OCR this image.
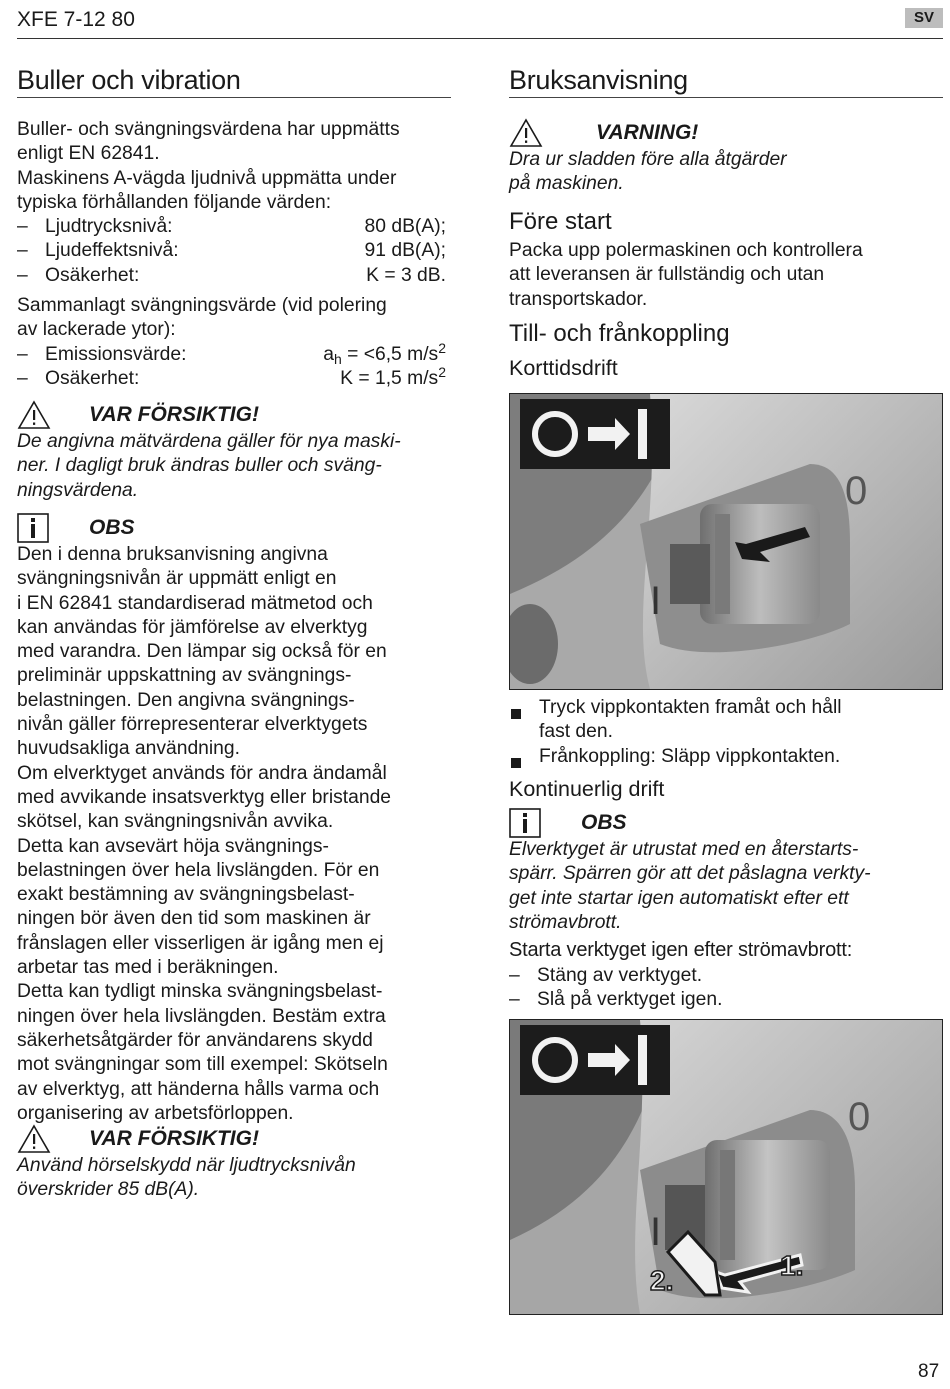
XFE 7-12 80	SV
Buller och vibration
Buller- och svängningsvärdena har uppmätts
enligt EN 62841.
Maskinens A-vägda ljudnivå uppmätta under
typiska förhållanden följande värden:
– Ljudtrycksnivå:	80 dB(A);
– Ljudeffektsnivå:	91 dB(A);
– Osäkerhet:	K = 3 dB.
Sammanlagt svängningsvärde (vid polering
av lackerade ytor):
– Emissionsvärde:	$a_h = <6,5$ $m/s^2$
– Osäkerhet:	K = 1,5 $m/s^2$
VAR FÖRSIKTIG!
De angivna mätvärdena gäller för nya maski-
ner. I dagligt bruk ändras buller och sväng-
ningsvärdena.
OBS
Den i denna bruksanvisning angivna
svängningsnivån är uppmätt enligt en
i EN 62841 standardiserad mätmetod och
kan användas för jämförelse av elverktyg
med varandra. Den lämpar sig också för en
preliminär uppskattning av svängnings-
belastningen. Den angivna svängnings-
nivån gäller förrepresenterar elverktygets
huvudsakliga användning.
Om elverktyget används för andra ändamål
med avvikande insatsverktyg eller bristande
skötsel, kan svängningsnivån avvika.
Detta kan avsevärt höja svängnings-
belastningen över hela livslängden. För en
exakt bestämning av svängningsbelast-
ningen bör även den tid som maskinen är
frånslagen eller visserligen är igång men ej
arbetar tas med i beräkningen.
Detta kan tydligt minska svängningsbelast-
ningen över hela livslängden. Bestäm extra
säkerhetsåtgärder för användarens skydd
mot svängningar som till exempel: Skötseln
av elverktyg, att händerna hålls varma och
organisering av arbetsförloppen.
VAR FÖRSIKTIG!
Använd hörselskydd när ljudtrycksnivån
överskrider 85 dB(A).
Bruksanvisning
VARNING!
Dra ur sladden före alla åtgärder
på maskinen.
Före start
Packa upp polermaskinen och kontrollera
att leveransen är fullständig och utan
transportskador.
Till- och frånkoppling
Korttidsdrift
I
0
Tryck vippkontakten framåt och håll
fast den.
Frånkoppling: Släpp vippkontakten.
Kontinuerlig drift
OBS
Elverktyget är utrustat med en återstarts-
spärr. Spärren gör att det påslagna verkty-
get inte startar igen automatiskt efter ett
strömavbrott.
Starta verktyget igen efter strömavbrott:
– Stäng av verktyget.
– Slå på verktyget igen.
2.	1.
I
0
87
